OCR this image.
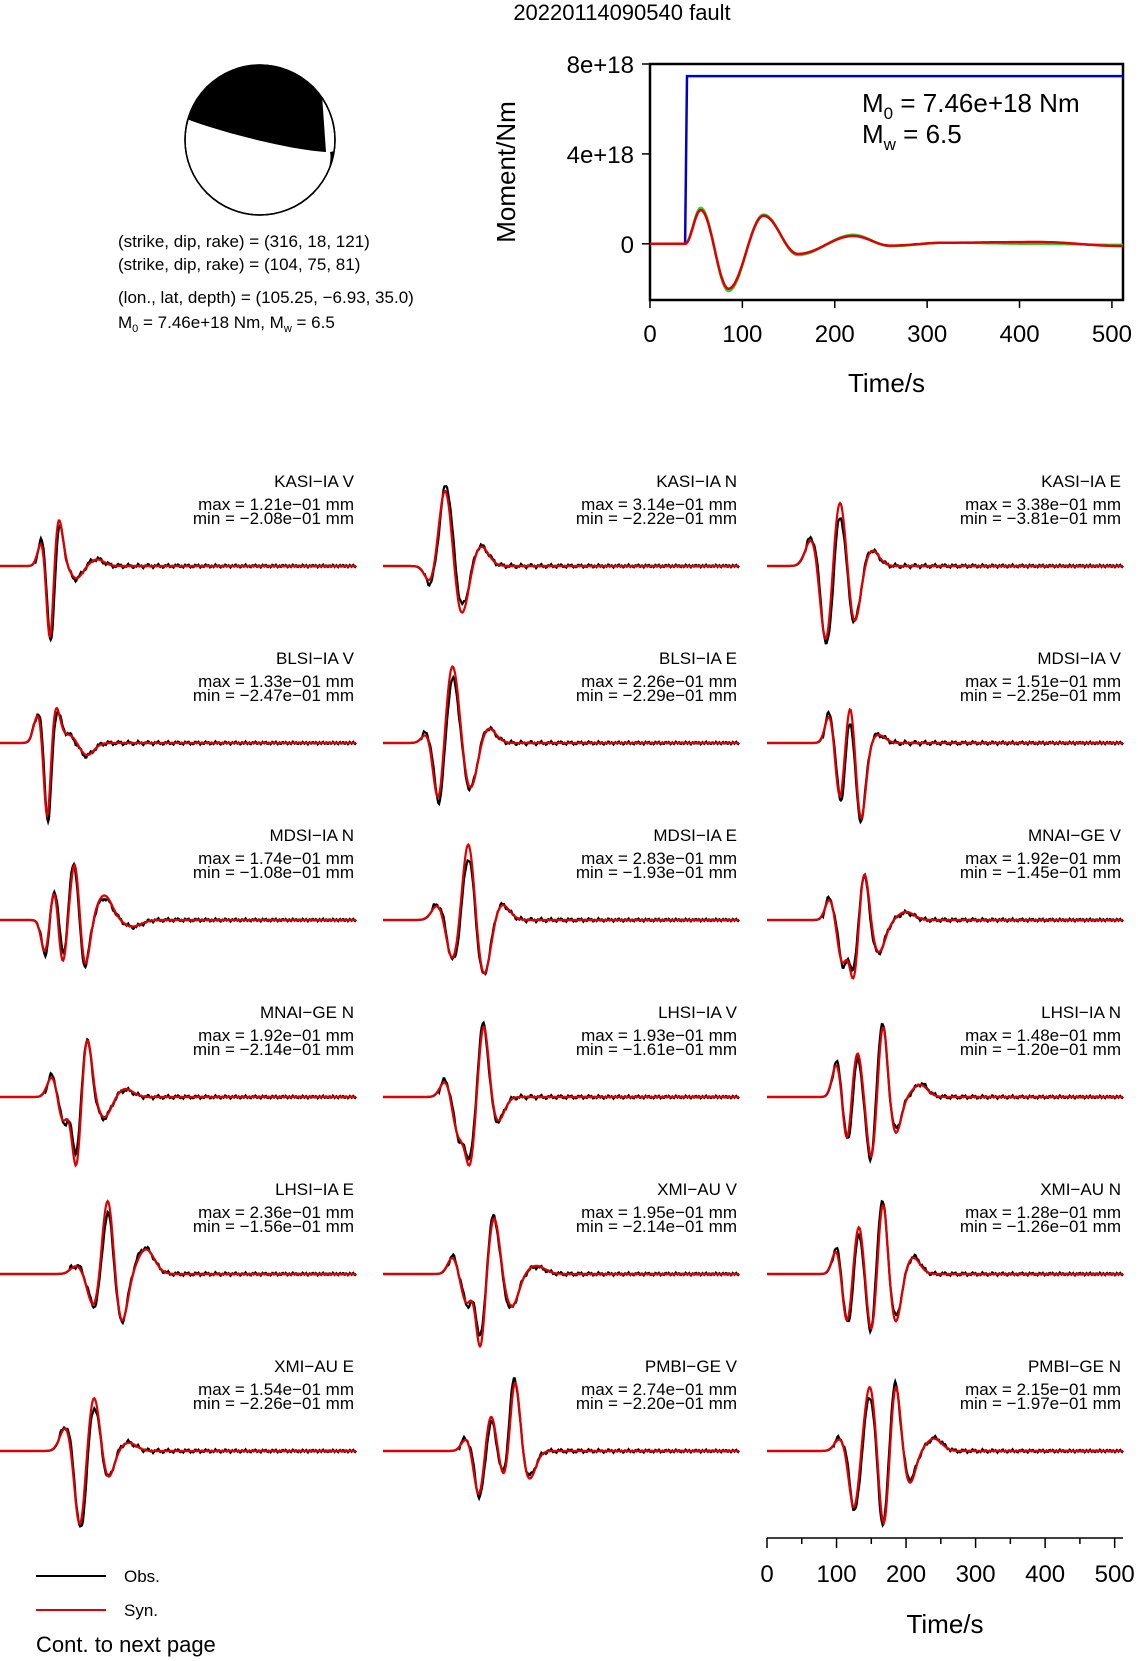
20220114090540 fault
(strike, dip, rake) = (316, 18, 121)
(strike, dip, rake) = (104, 75, 81)
(lon., lat, depth) = (105.25, −6.93, 35.0)
$M_0 = 7.46e+18$ Nm, $M_w = 6.5$	0	100 200 300 400 500
8e+18
4e+18
0
Time/s
Moment/Nm	$M_0 = 7.46e+18$ Nm
$M_w = 6.5$
KASI−IA V
max = 1.21e−01 mm
min = −2.08e−01 mm
KASI−IA N
max = 3.14e−01 mm
min = −2.22e−01 mm
KASI−IA E
max = 3.38e−01 mm
min = −3.81e−01 mm
BLSI−IA V
max = 1.33e−01 mm
min = −2.47e−01 mm
BLSI−IA E
max = 2.26e−01 mm
min = −2.29e−01 mm
MDSI−IA V
max = 1.51e−01 mm
min = −2.25e−01 mm
MDSI−IA N
max = 1.74e−01 mm
min = −1.08e−01 mm
MDSI−IA E
max = 2.83e−01 mm
min = −1.93e−01 mm
MNAI−GE V
max = 1.92e−01 mm
min = −1.45e−01 mm
MNAI−GE N
max = 1.92e−01 mm
min = −2.14e−01 mm
LHSI−IA V
max = 1.93e−01 mm
min = −1.61e−01 mm
LHSI−IA N
max = 1.48e−01 mm
min = −1.20e−01 mm
LHSI−IA E
max = 2.36e−01 mm
min = −1.56e−01 mm
XMI−AU V
max = 1.95e−01 mm
min = −2.14e−01 mm
XMI−AU N
max = 1.28e−01 mm
min = −1.26e−01 mm
XMI−AU E
max = 1.54e−01 mm
min = −2.26e−01 mm
PMBI−GE V
max = 2.74e−01 mm
min = −2.20e−01 mm
PMBI−GE N
max = 2.15e−01 mm
min = −1.97e−01 mm
0 100 200 300 400 500
Time/s
Obs.
Syn.
Cont. to next page
